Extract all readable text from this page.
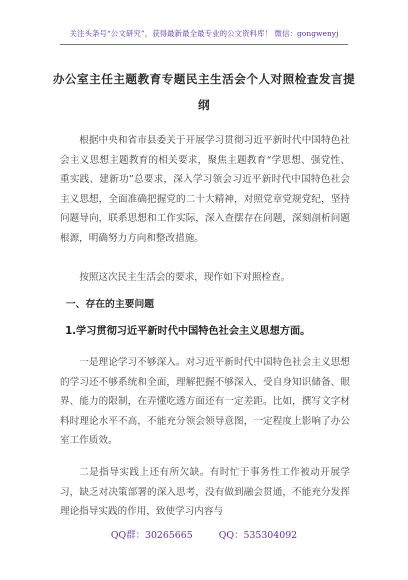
关注头条号“公文研究”，获得最新最全最专业的公文资料库！ 微信：gongwenyj
办公室主任主题教育专题民主生活会个人对照检查发言提纲

根据中央和省市县委关于开展学习贯彻习近平新时代中国特色社会主义思想主题教育的相关要求，聚焦主题教育“学思想、强党性、重实践、建新功”总要求，深入学习领会习近平新时代中国特色社会主义思想，全面准确把握党的二十大精神，对照党章党规党纪，坚持问题导向，联系思想和工作实际，深入查摆存在问题，深刻剖析问题根源，明确努力方向和整改措施。

按照这次民主生活会的要求，现作如下对照检查。

一、存在的主要问题
1.学习贯彻习近平新时代中国特色社会主义思想方面。

一是理论学习不够深入。对习近平新时代中国特色社会主义思想的学习还不够系统和全面，理解把握不够深入，受自身知识储备、眼界、能力的限制，在弄懂吃透方面还有一定差距。比如，撰写文字材料时理论水平不高，不能充分领会领导意图，一定程度上影响了办公室工作质效。

二是指导实践上还有所欠缺。有时忙于事务性工作被动开展学习，缺乏对决策部署的深入思考，没有做到融会贯通，不能充分发挥理论指导实践的作用，致使学习内容与

QQ群：30265665	QQ：535304092
